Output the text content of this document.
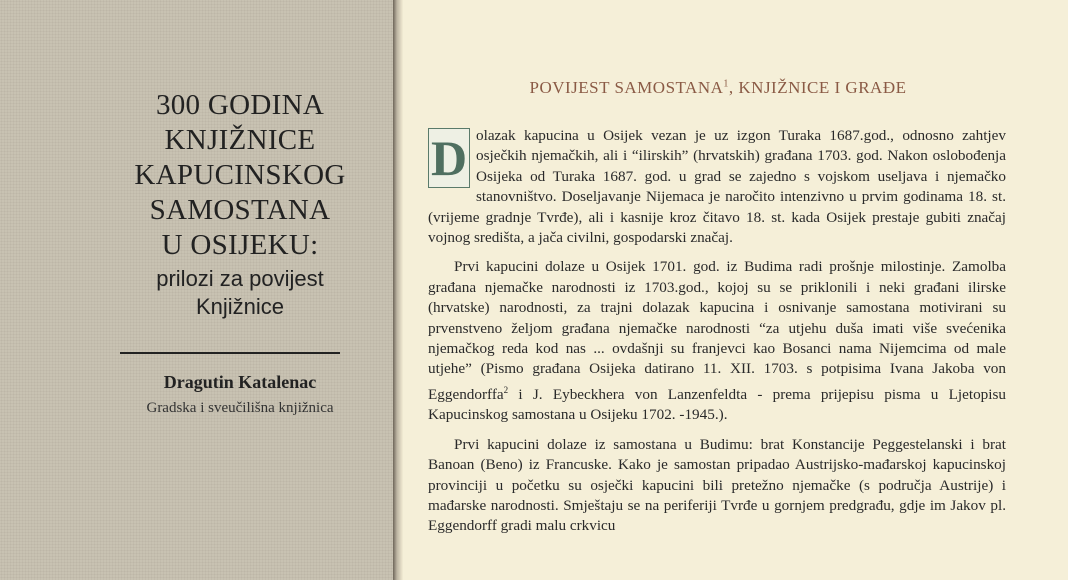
300 GODINA
KNJIŽNICE
KAPUCINSKOG
SAMOSTANA
U OSIJEKU:
prilozi za povijest
Knjižnice
Dragutin Katalenac
Gradska i sveučilišna knjižnica
POVIJEST SAMOSTANA$^1$, KNJIŽNICE I GRAĐE

D olazak kapucina u Osijek vezan je uz izgon Turaka 1687.god., odnosno zahtjev osječkih njemačkih, ali i “ilirskih” (hrvatskih) građana 1703. god. Nakon oslobođenja Osijeka od Turaka 1687. god. u grad se zajedno s vojskom useljava i njemačko stanovništvo. Doseljavanje Nijemaca je naročito intenzivno u prvim godinama 18. st. (vrijeme gradnje Tvrđe), ali i kasnije kroz čitavo 18. st. kada Osijek prestaje gubiti značaj vojnog središta, a jača civilni, gospodarski značaj.

Prvi kapucini dolaze u Osijek 1701. god. iz Budima radi prošnje milostinje. Zamolba građana njemačke narodnosti iz 1703.god., kojoj su se priklonili i neki građani ilirske (hrvatske) narodnosti, za trajni dolazak kapucina i osnivanje samostana motivirani su prvenstveno željom građana njemačke narodnosti “za utjehu duša imati više svećenika njemačkog reda kod nas ... ovdašnji su franjevci kao Bosanci nama Nijemcima od male utjehe” (Pismo građana Osijeka datirano 11. XII. 1703. s potpisima Ivana Jakoba von Eggendorffa$^2$ i J. Eybeckhera von Lanzenfeldta - prema prijepisu pisma u Ljetopisu Kapucinskog samostana u Osijeku 1702. -1945.).

Prvi kapucini dolaze iz samostana u Budimu: brat Konstancije Peggestelanski i brat Banoan (Beno) iz Francuske. Kako je samostan pripadao Austrijsko-mađarskoj kapucinskoj provinciji u početku su osječki kapucini bili pretežno njemačke (s područja Austrije) i mađarske narodnosti. Smještaju se na periferiji Tvrđe u gornjem predgrađu, gdje im Jakov pl. Eggendorff gradi malu crkvicu
